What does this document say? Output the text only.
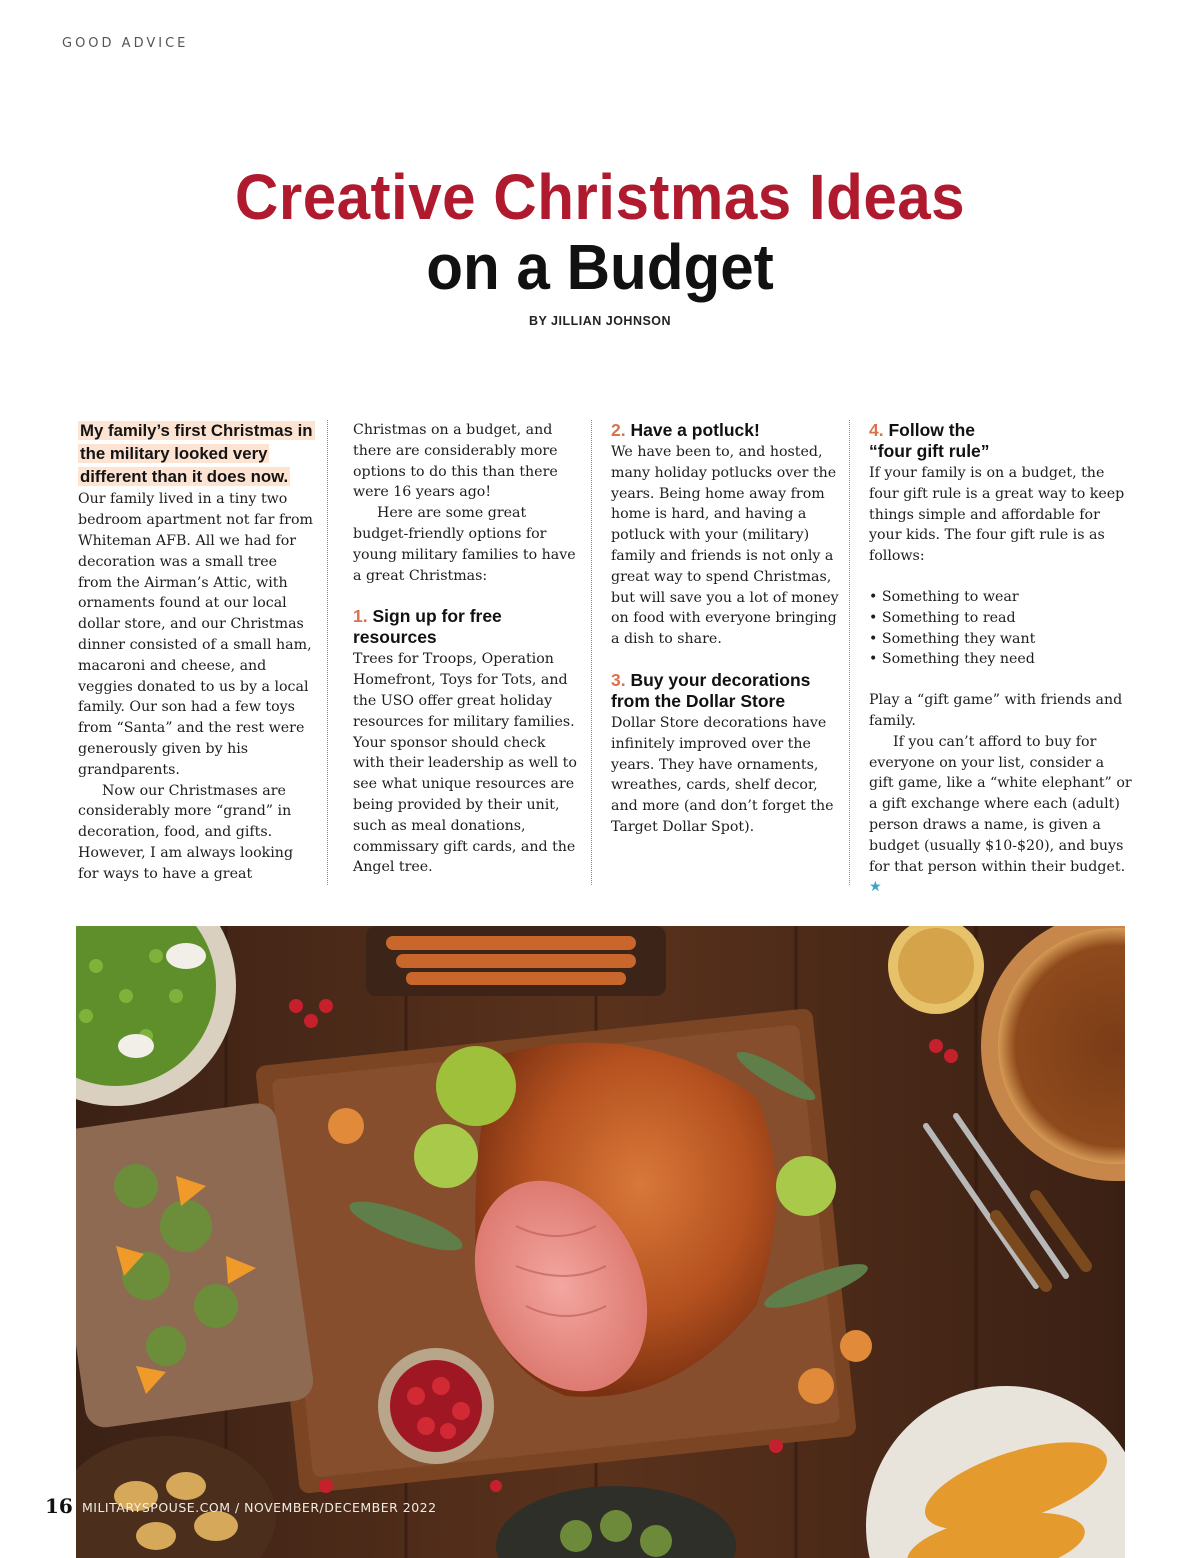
GOOD ADVICE
Creative Christmas Ideas
on a Budget
BY JILLIAN JOHNSON
My family’s first Christmas in the military looked very different than it does now.

Our family lived in a tiny two bedroom apartment not far from Whiteman AFB. All we had for decoration was a small tree from the Airman’s Attic, with ornaments found at our local dollar store, and our Christmas dinner consisted of a small ham, macaroni and cheese, and veggies donated to us by a local family. Our son had a few toys from “Santa” and the rest were generously given by his grandparents.

Now our Christmases are considerably more “grand” in decoration, food, and gifts. However, I am always looking for ways to have a great

Christmas on a budget, and there are considerably more options to do this than there were 16 years ago!

Here are some great budget-friendly options for young military families to have a great Christmas:

1. Sign up for free resources

Trees for Troops, Operation Homefront, Toys for Tots, and the USO offer great holiday resources for military families. Your sponsor should check with their leadership as well to see what unique resources are being provided by their unit, such as meal donations, commissary gift cards, and the Angel tree.

2. Have a potluck!

We have been to, and hosted, many holiday potlucks over the years. Being home away from home is hard, and having a potluck with your (military) family and friends is not only a great way to spend Christmas, but will save you a lot of money on food with everyone bringing a dish to share.

3. Buy your decorations from the Dollar Store

Dollar Store decorations have infinitely improved over the years. They have ornaments, wreathes, cards, shelf decor, and more (and don’t forget the Target Dollar Spot).

4. Follow the “four gift rule”

If your family is on a budget, the four gift rule is a great way to keep things simple and affordable for your kids. The four gift rule is as follows:

• Something to wear
• Something to read
• Something they want
• Something they need

Play a “gift game” with friends and family.

If you can’t afford to buy for everyone on your list, consider a gift game, like a “white elephant” or a gift exchange where each (adult) person draws a name, is given a budget (usually $10-$20), and buys for that person within their budget. ★

16 MILITARYSPOUSE.COM / NOVEMBER/DECEMBER 2022
